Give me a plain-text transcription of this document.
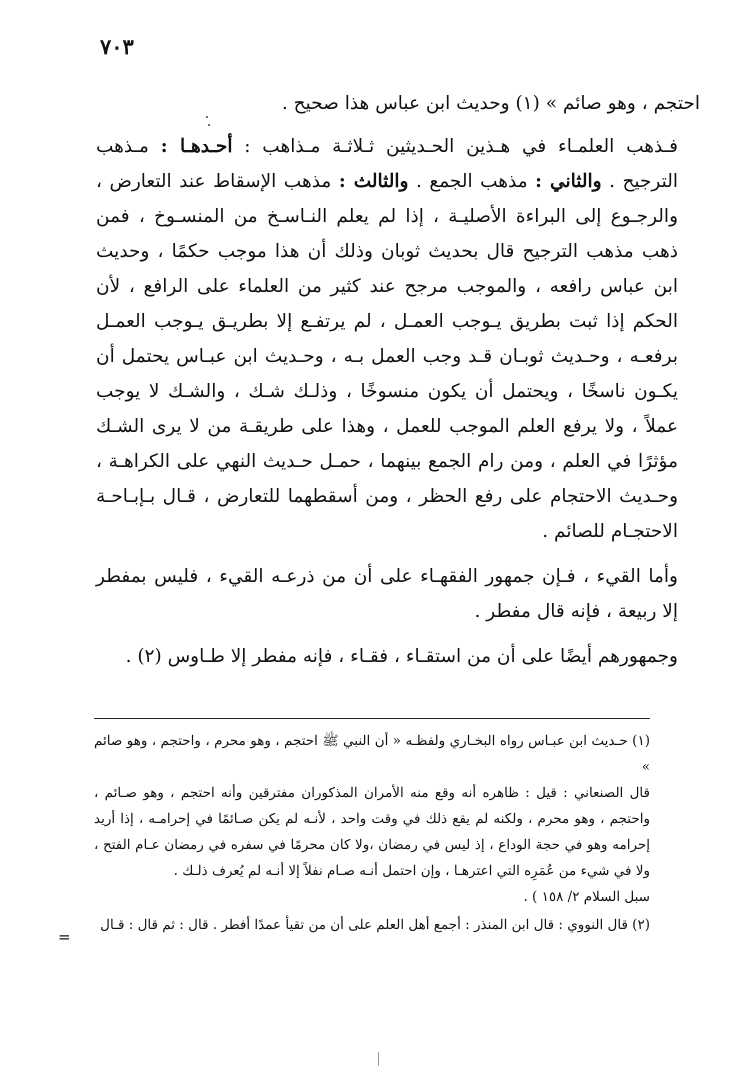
٧٠٣

احتجم ، وهو صائم » (١) وحديث ابن عباس هذا صحيح .

فـذهب العلمـاء في هـذين الحـديثين ثـلاثـة مـذاهب : أحـدهـا : مـذهب الترجيح . والثاني : مذهب الجمع . والثالث : مذهب الإسقاط عند التعارض ، والرجـوع إلى البراءة الأصليـة ، إذا لم يعلم النـاسـخ من المنسـوخ ، فمن ذهب مذهب الترجيح قال بحديث ثوبان وذلك أن هذا موجب حكمًا ، وحديث ابن عباس رافعه ، والموجب مرجح عند كثير من العلماء على الرافع ، لأن الحكم إذا ثبت بطريق يـوجب العمـل ، لم يرتفـع إلا بطريـق يـوجب العمـل برفعـه ، وحـديث ثوبـان قـد وجب العمل بـه ، وحـديث ابن عبـاس يحتمل أن يكـون ناسخًا ، ويحتمل أن يكون منسوخًا ، وذلـك شـك ، والشـك لا يوجب عملاً ، ولا يرفع العلم الموجب للعمل ، وهذا على طريقـة من لا يرى الشـك مؤثرًا في العلم ، ومن رام الجمع بينهما ، حمـل حـديث النهي على الكراهـة ، وحـديث الاحتجام على رفع الحظر ، ومن أسقطهما للتعارض ، قـال بـإبـاحـة الاحتجـام للصائم .

وأما القيء ، فـإن جمهور الفقهـاء على أن من ذرعـه القيء ، فليس بمفطر إلا ربيعة ، فإنه قال مفطر .

وجمهورهم أيضًا على أن من استقـاء ، فقـاء ، فإنه مفطر إلا طـاوس (٢) .

(١) حـديث ابن عبـاس رواه البخـاري ولفظـه « أن النبي ﷺ احتجم ، وهو محرم ، واحتجم ، وهو صائم »

قال الصنعاني : قيل : ظاهره أنه وقع منه الأمران المذكوران مفترقين وأنه احتجم ، وهو صـائم ، واحتجم ، وهو محرم ، ولكنه لم يقع ذلك في وقت واحد ، لأنـه لم يكن صـائمًا في إحرامـه ، إذا أريد إحرامه وهو في حجة الوداع ، إذ ليس في رمضان ،ولا كان محرمًا في سفره في رمضان عـام الفتح ، ولا في شيء من عُمَرِه التي اعترهـا ، وإن احتمل أنـه صـام نفلاً إلا أنـه لم يُعرف ذلـك .

سبل السلام ٢/ ١٥٨ ) .

(٢) قال النووي : قال ابن المنذر : أجمع أهل العلم على أن من تقيأ عمدًا أفطر . قال : ثم قال : قـال

=
